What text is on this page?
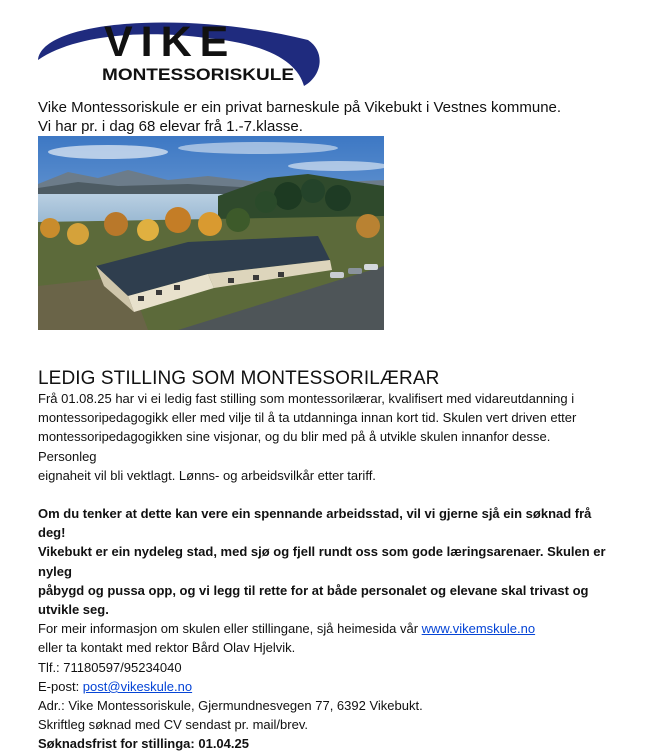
VIKE
MONTESSORISKULE

Vike Montessoriskule er ein privat barneskule på Vikebukt i Vestnes kommune.
Vi har pr. i dag 68 elevar frå 1.-7.klasse.

LEDIG STILLING SOM MONTESSORILÆRAR

Frå 01.08.25 har vi ei ledig fast stilling som montessorilærar, kvalifisert med vidareutdanning i

montessoripedagogikk eller med vilje til å ta utdanninga innan kort tid. Skulen vert driven etter

montessoripedagogikken sine visjonar, og du blir med på å utvikle skulen innanfor desse. Personleg

eignaheit vil bli vektlagt. Lønns- og arbeidsvilkår etter tariff.

Om du tenker at dette kan vere ein spennande arbeidsstad, vil vi gjerne sjå ein søknad frå deg!

Vikebukt er ein nydeleg stad, med sjø og fjell rundt oss som gode læringsarenaer. Skulen er nyleg

påbygd og pussa opp, og vi legg til rette for at både personalet og elevane skal trivast og utvikle seg.

For meir informasjon om skulen eller stillingane, sjå heimesida vår www.vikemskule.no

eller ta kontakt med rektor Bård Olav Hjelvik.

Tlf.: 71180597/95234040

E-post: post@vikeskule.no

Adr.: Vike Montessoriskule, Gjermundnesvegen 77, 6392 Vikebukt.

Skriftleg søknad med CV sendast pr. mail/brev.

Søknadsfrist for stillinga: 01.04.25
